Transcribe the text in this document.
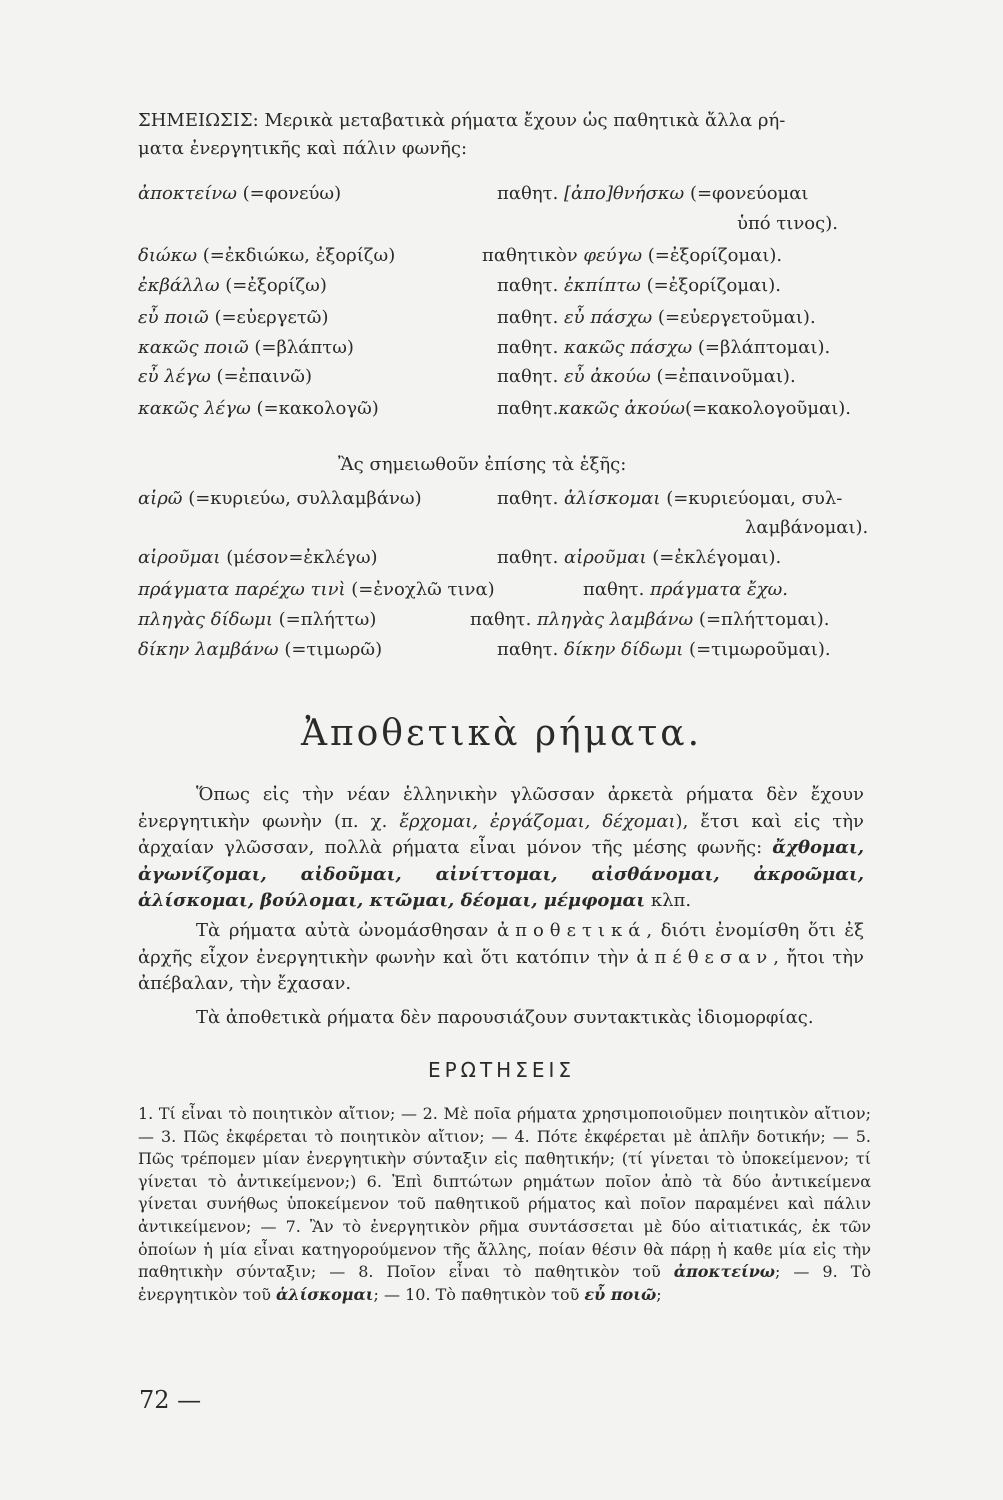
ΣΗΜΕΙΩΣΙΣ: Μερικὰ μεταβατικὰ ρήματα ἔχουν ὡς παθητικὰ ἄλλα ρή-
ματα ἐνεργητικῆς καὶ πάλιν φωνῆς:
ἀποκτείνω (=φονεύω)	παθητ. [ἀπο]θνήσκω (=φονεύομαι
ὑπό τινος).
διώκω (=ἐκδιώκω, ἐξορίζω)	παθητικὸν φεύγω (=ἐξορίζομαι).
ἐκβάλλω (=ἐξορίζω)	παθητ. ἐκπίπτω (=ἐξορίζομαι).
εὖ ποιῶ (=εὐεργετῶ)	παθητ. εὖ πάσχω (=εὐεργετοῦμαι).
κακῶς ποιῶ (=βλάπτω)	παθητ. κακῶς πάσχω (=βλάπτομαι).
εὖ λέγω (=ἐπαινῶ)	παθητ. εὖ ἀκούω (=ἐπαινοῦμαι).
κακῶς λέγω (=κακολογῶ)	παθητ.κακῶς ἀκούω(=κακολογοῦμαι).
Ἂς σημειωθοῦν ἐπίσης τὰ ἑξῆς:
αἱρῶ (=κυριεύω, συλλαμβάνω)	παθητ. ἁλίσκομαι (=κυριεύομαι, συλ-
λαμβάνομαι).
αἱροῦμαι (μέσον=ἐκλέγω)	παθητ. αἱροῦμαι (=ἐκλέγομαι).
πράγματα παρέχω τινὶ (=ἐνοχλῶ τινα)	παθητ. πράγματα ἔχω.
πληγὰς δίδωμι (=πλήττω)	παθητ. πληγὰς λαμβάνω (=πλήττομαι).
δίκην λαμβάνω (=τιμωρῶ)	παθητ. δίκην δίδωμι (=τιμωροῦμαι).
Ἀποθετικὰ ρήματα.
Ὅπως εἰς τὴν νέαν ἑλληνικὴν γλῶσσαν ἀρκετὰ ρήματα δὲν ἔχουν ἐνεργητικὴν φωνὴν (π. χ. ἔρχομαι, ἐργάζομαι, δέχομαι), ἔτσι καὶ εἰς τὴν ἀρχαίαν γλῶσσαν, πολλὰ ρήματα εἶναι μόνον τῆς μέσης φωνῆς: ἄχθομαι, ἀγωνίζομαι, αἰδοῦμαι, αἰνίττομαι, αἰσθάνομαι, ἀκροῶμαι, ἁλίσκομαι, βούλομαι, κτῶμαι, δέομαι, μέμφομαι κλπ.
Τὰ ρήματα αὐτὰ ὠνομάσθησαν ἀποθετικά, διότι ἐνομίσθη ὅτι ἐξ ἀρχῆς εἶχον ἐνεργητικὴν φωνὴν καὶ ὅτι κατόπιν τὴν ἀπέθεσαν, ἤτοι τὴν ἀπέβαλαν, τὴν ἔχασαν.
Τὰ ἀποθετικὰ ρήματα δὲν παρουσιάζουν συντακτικὰς ἰδιομορφίας.
ΕΡΩΤΗΣΕΙΣ
1. Τί εἶναι τὸ ποιητικὸν αἴτιον; — 2. Μὲ ποῖα ρήματα χρησιμοποιοῦμεν ποιητικὸν αἴτιον; — 3. Πῶς ἐκφέρεται τὸ ποιητικὸν αἴτιον; — 4. Πότε ἐκφέρεται μὲ ἁπλῆν δοτικήν; — 5. Πῶς τρέπομεν μίαν ἐνεργητικὴν σύνταξιν εἰς παθητικήν; (τί γίνεται τὸ ὑποκείμενον; τί γίνεται τὸ ἀντικείμενον;) 6. Ἐπὶ διπτώτων ρημάτων ποῖον ἀπὸ τὰ δύο ἀντικείμενα γίνεται συνήθως ὑποκείμενον τοῦ παθητικοῦ ρήματος καὶ ποῖον παραμένει καὶ πάλιν ἀντικείμενον; — 7. Ἂν τὸ ἐνεργητικὸν ρῆμα συντάσσεται μὲ δύο αἰτιατικάς, ἐκ τῶν ὁποίων ἡ μία εἶναι κατηγορούμενον τῆς ἄλλης, ποίαν θέσιν θὰ πάρῃ ἡ καθε μία εἰς τὴν παθητικὴν σύνταξιν; — 8. Ποῖον εἶναι τὸ παθητικὸν τοῦ ἀποκτείνω; — 9. Τὸ ἐνεργητικὸν τοῦ ἁλίσκομαι; — 10. Τὸ παθητικὸν τοῦ εὖ ποιῶ;
72 —
